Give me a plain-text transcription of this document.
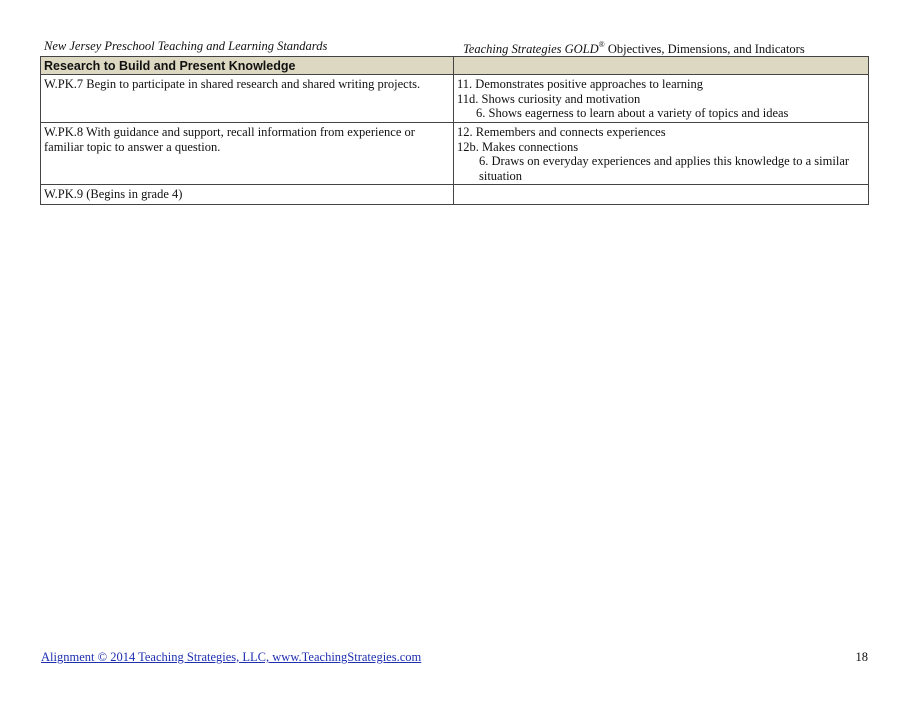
New Jersey Preschool Teaching and Learning Standards	Teaching Strategies GOLD® Objectives, Dimensions, and Indicators
Research to Build and Present Knowledge	
W.PK.7 Begin to participate in shared research and shared writing projects.	11. Demonstrates positive approaches to learning
11d. Shows curiosity and motivation
6. Shows eagerness to learn about a variety of topics and ideas

W.PK.8 With guidance and support, recall information from experience or familiar topic to answer a question.	12. Remembers and connects experiences
12b. Makes connections
6. Draws on everyday experiences and applies this knowledge to a similar situation

W.PK.9 (Begins in grade 4)	
Alignment © 2014 Teaching Strategies, LLC, www.TeachingStrategies.com	18
